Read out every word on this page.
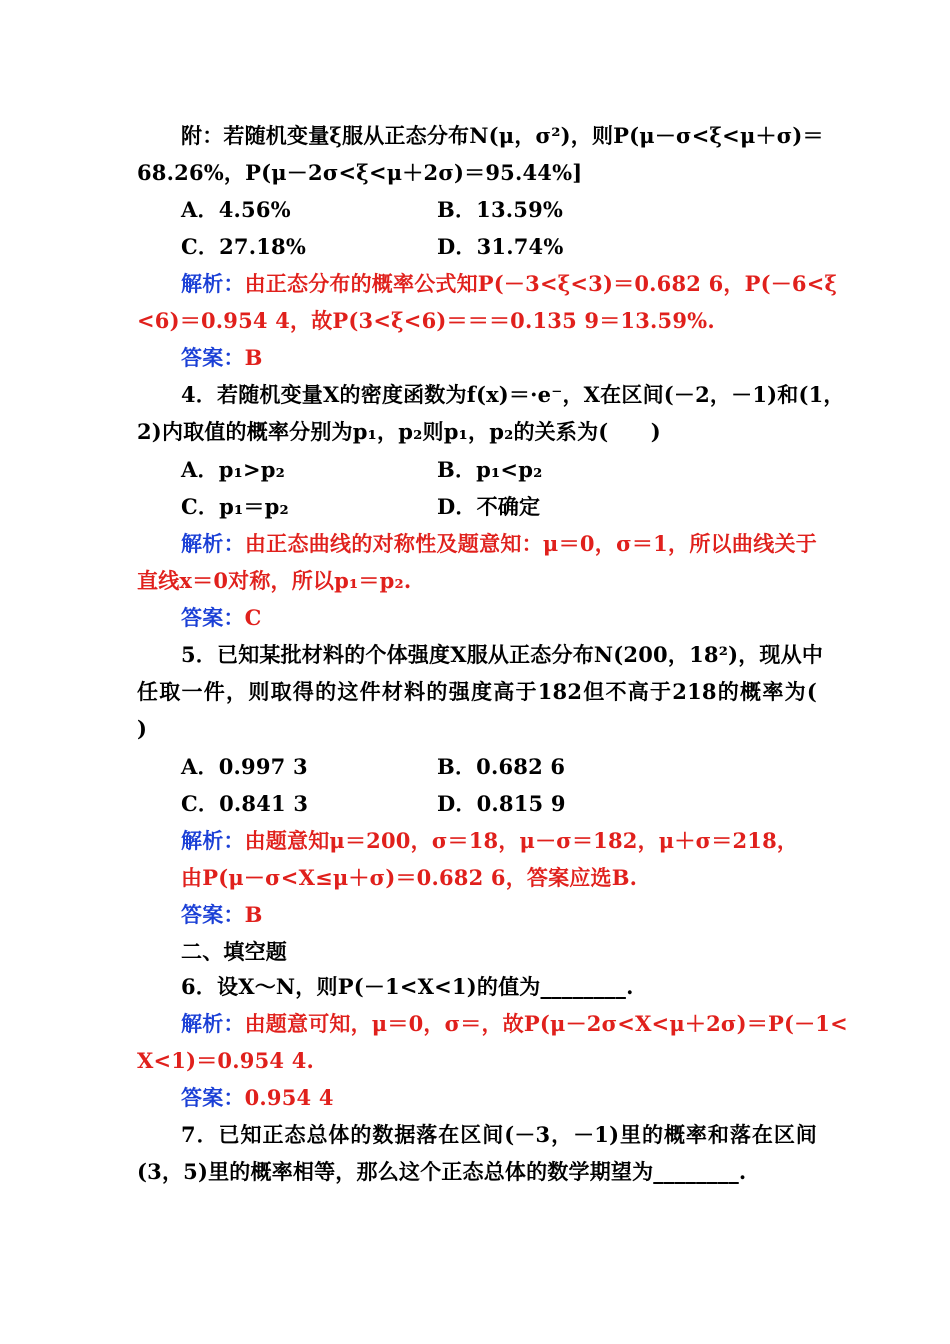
附：若随机变量ξ服从正态分布N(μ，σ²)，则P(μ－σ<ξ<μ＋σ)＝
68.26%，P(μ－2σ<ξ<μ＋2σ)＝95.44%]
A．4.56%	B．13.59%
C．27.18%	D．31.74%
解析：由正态分布的概率公式知P(－3<ξ<3)＝0.682 6，P(－6<ξ
<6)＝0.954 4，故P(3<ξ<6)＝＝＝0.135 9＝13.59%.
答案：B
4．若随机变量X的密度函数为f(x)＝·e⁻，X在区间(－2，－1)和(1，
2)内取值的概率分别为p₁，p₂则p₁，p₂的关系为(　　)
A．p₁>p₂	B．p₁<p₂
C．p₁＝p₂	D．不确定
解析：由正态曲线的对称性及题意知：μ＝0，σ＝1，所以曲线关于
直线x＝0对称，所以p₁＝p₂.
答案：C
5．已知某批材料的个体强度X服从正态分布N(200，18²)，现从中
任取一件，则取得的这件材料的强度高于182但不高于218的概率为(
)
A．0.997 3	B．0.682 6
C．0.841 3	D．0.815 9
解析：由题意知μ＝200，σ＝18，μ－σ＝182，μ＋σ＝218，
由P(μ－σ<X≤μ＋σ)＝0.682 6，答案应选B.
答案：B
二、填空题
6．设X～N，则P(－1<X<1)的值为________.
解析：由题意可知，μ＝0，σ＝，故P(μ－2σ<X<μ＋2σ)＝P(－1<
X<1)＝0.954 4.
答案：0.954 4
7．已知正态总体的数据落在区间(－3，－1)里的概率和落在区间
(3，5)里的概率相等，那么这个正态总体的数学期望为________.
